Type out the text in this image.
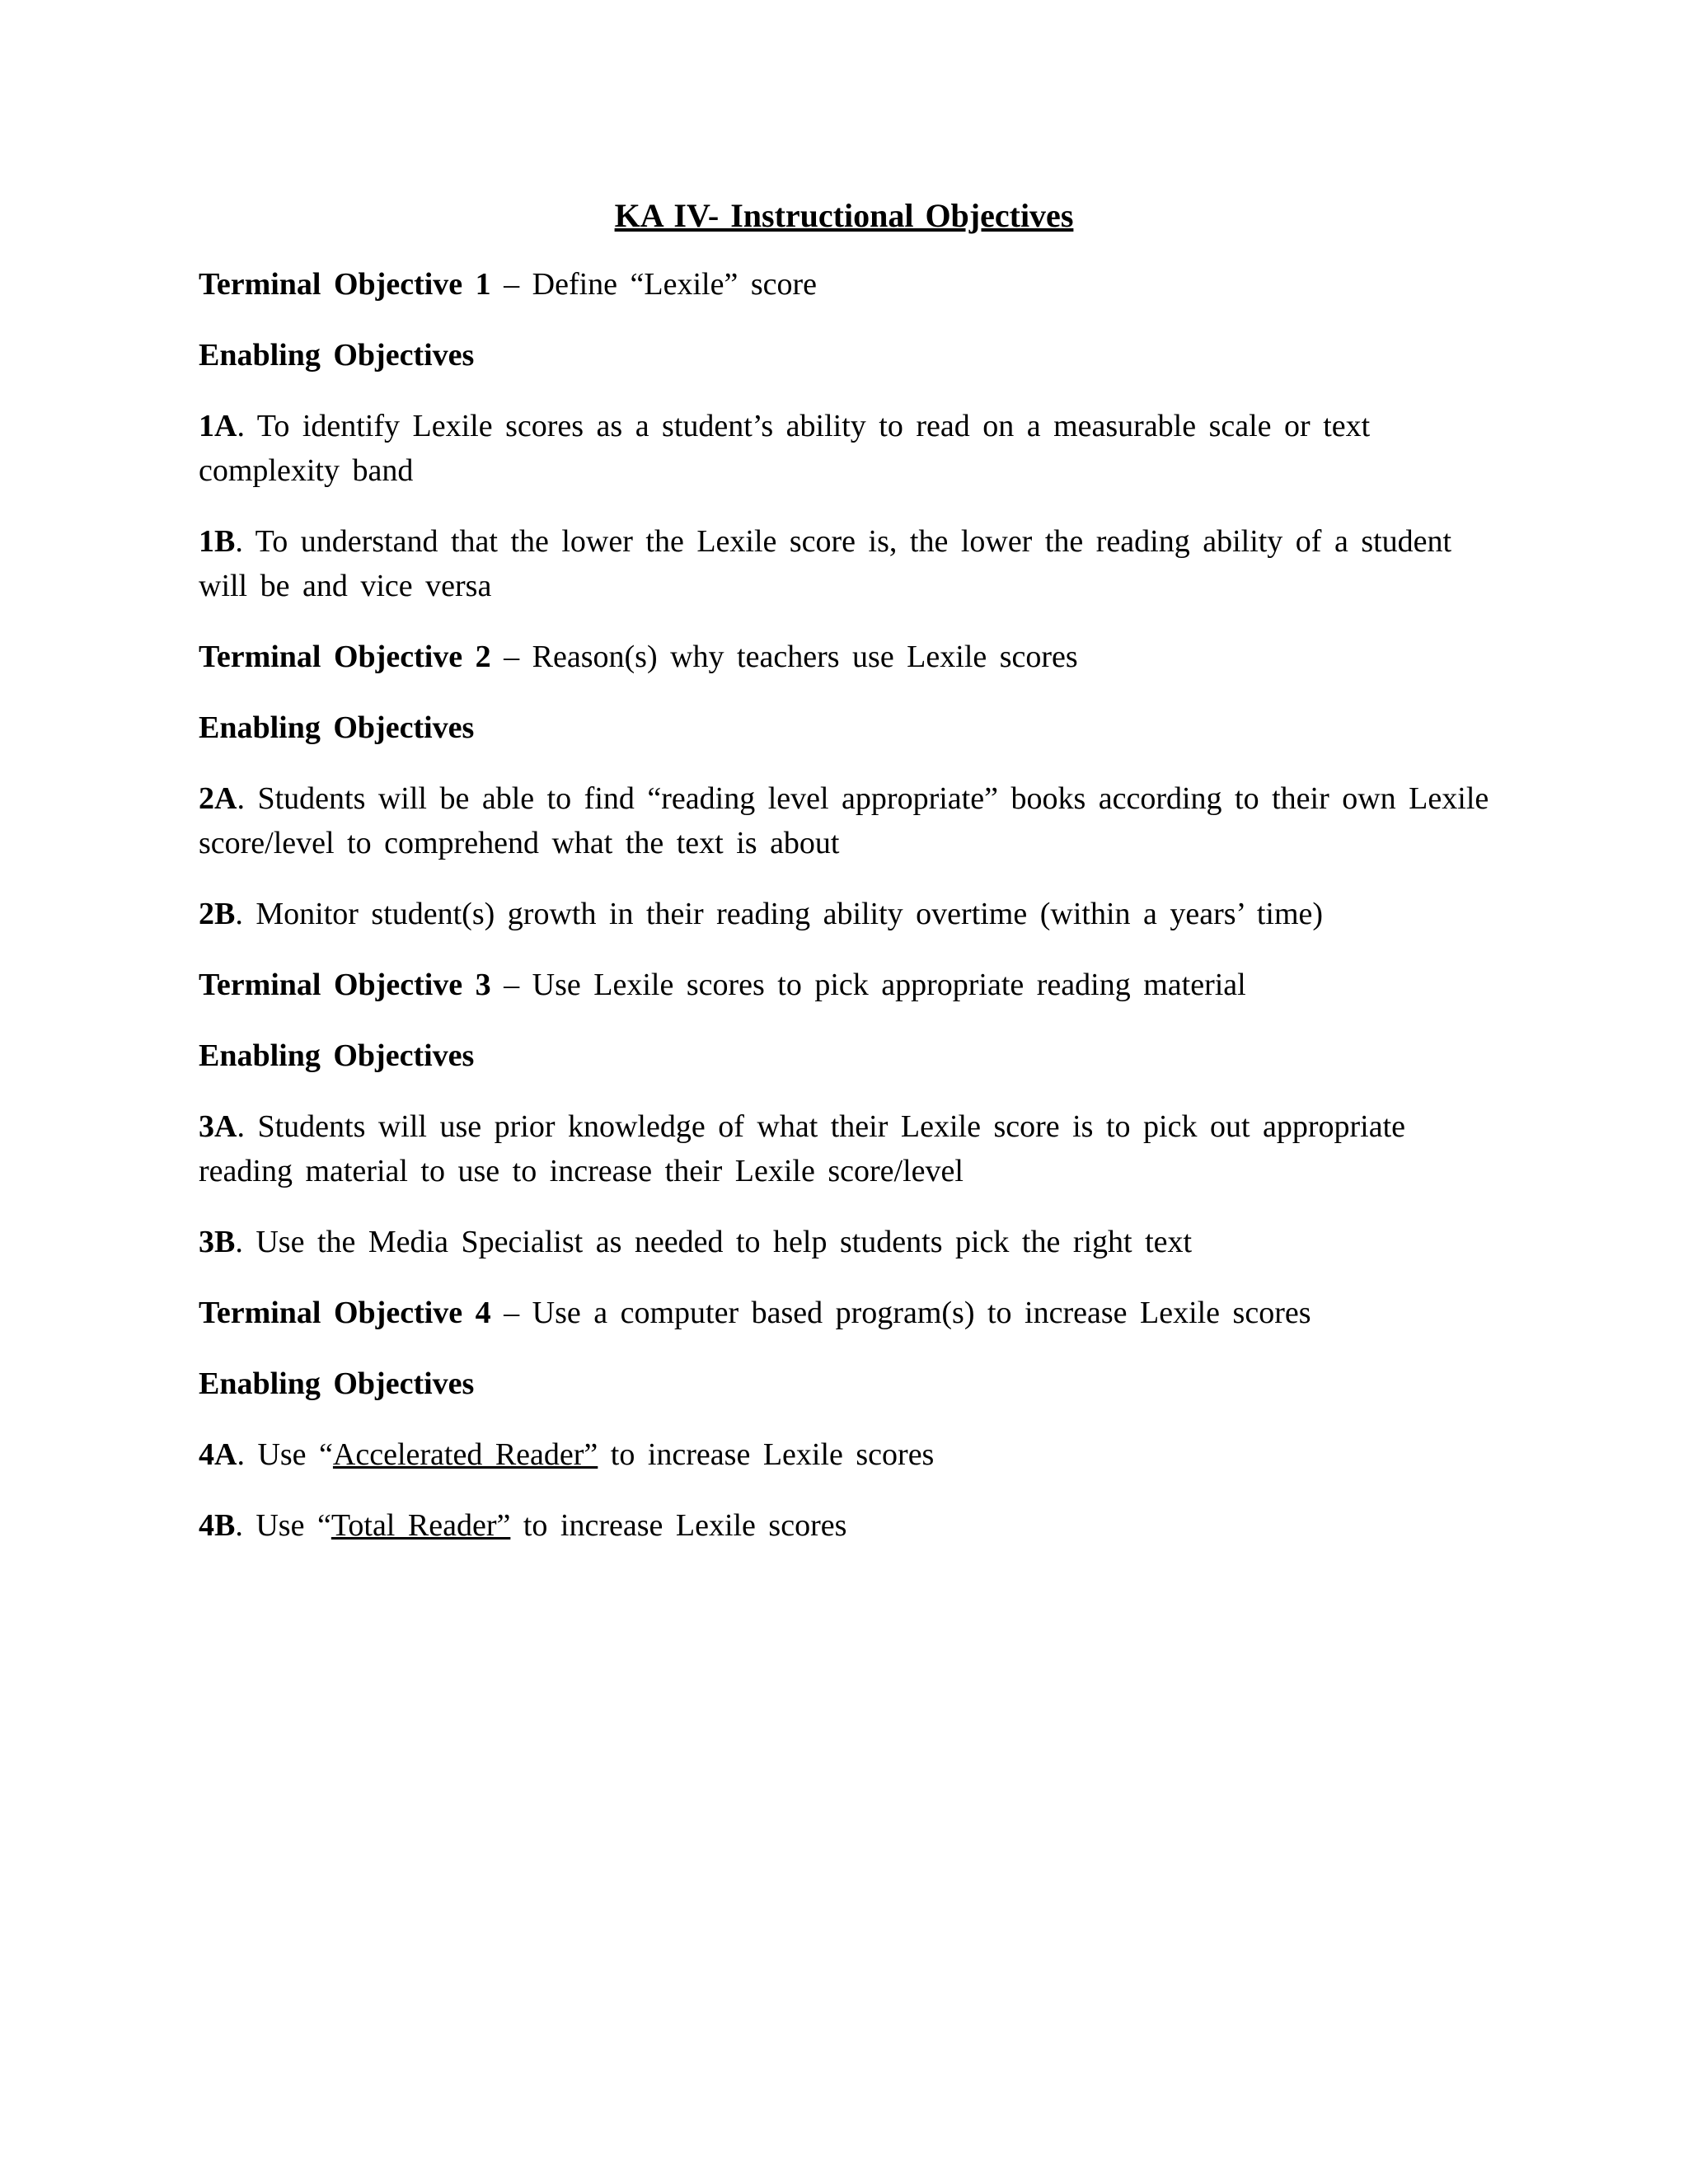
KA IV- Instructional Objectives
Terminal Objective 1 – Define “Lexile” score
Enabling Objectives
1A. To identify Lexile scores as a student’s ability to read on a measurable scale or text
complexity band
1B. To understand that the lower the Lexile score is, the lower the reading ability of a student
will be and vice versa
Terminal Objective 2 – Reason(s) why teachers use Lexile scores
Enabling Objectives
2A. Students will be able to find “reading level appropriate” books according to their own Lexile
score/level to comprehend what the text is about
2B. Monitor student(s) growth in their reading ability overtime (within a years’ time)
Terminal Objective 3 – Use Lexile scores to pick appropriate reading material
Enabling Objectives
3A. Students will use prior knowledge of what their Lexile score is to pick out appropriate
reading material to use to increase their Lexile score/level
3B. Use the Media Specialist as needed to help students pick the right text
Terminal Objective 4 – Use a computer based program(s) to increase Lexile scores
Enabling Objectives
4A. Use “Accelerated Reader” to increase Lexile scores
4B. Use “Total Reader” to increase Lexile scores
